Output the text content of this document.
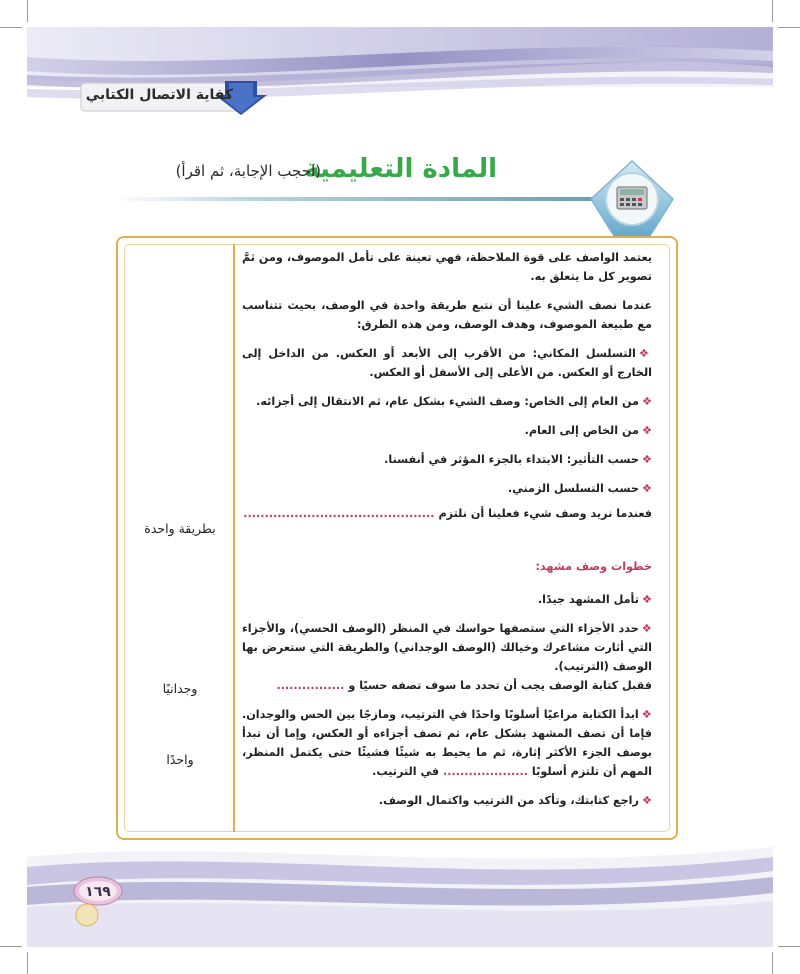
كفاية الاتصال الكتابي
المادة التعليمية
(احجب الإجابة، ثم اقرأ)
بطريقة واحدة
وجدانيًا
واحدًا

يعتمد الواصف على قوة الملاحظة، فهي تعينة على تأمل الموصوف، ومن ثمَّ تصوير كل ما يتعلق به.

عندما نصف الشيء علينا أن نتبع طريقة واحدة في الوصف، بحيث تتناسب مع طبيعة الموصوف، وهدف الوصف، ومن هذه الطرق:

❖التسلسل المكاني: من الأقرب إلى الأبعد أو العكس. من الداخل إلى الخارج أو العكس. من الأعلى إلى الأسفل أو العكس.

❖من العام إلى الخاص: وصف الشيء بشكل عام، ثم الانتقال إلى أجزائه.

❖من الخاص إلى العام.

❖حسب التأثير: الابتداء بالجزء المؤثر في أنفسنا.

❖حسب التسلسل الزمني.

فعندما نريد وصف شيء فعلينا أن نلتزم .............................................

خطوات وصف مشهد:

❖تأمل المشهد جيدًا.

❖حدد الأجزاء التي ستصفها حواسك في المنظر (الوصف الحسي)، والأجزاء التي أثارت مشاعرك وخيالك (الوصف الوجداني) والطريقة التي ستعرض بها الوصف (الترتيب).

فقبل كتابة الوصف يجب أن تحدد ما سوف تصفه حسيًا و ................

❖ابدأ الكتابة مراعيًا أسلوبًا واحدًا في الترتيب، ومازجًا بين الحس والوجدان. فإما أن تصف المشهد بشكل عام، ثم تصف أجزاءه أو العكس، وإما أن تبدأ بوصف الجزء الأكثر إثارة، ثم ما يحيط به شيئًا فشيئًا حتى يكتمل المنظر، المهم أن تلتزم أسلوبًا .................... في الترتيب.

❖راجع كتابتك، وتأكد من الترتيب واكتمال الوصف.

١٦٩
